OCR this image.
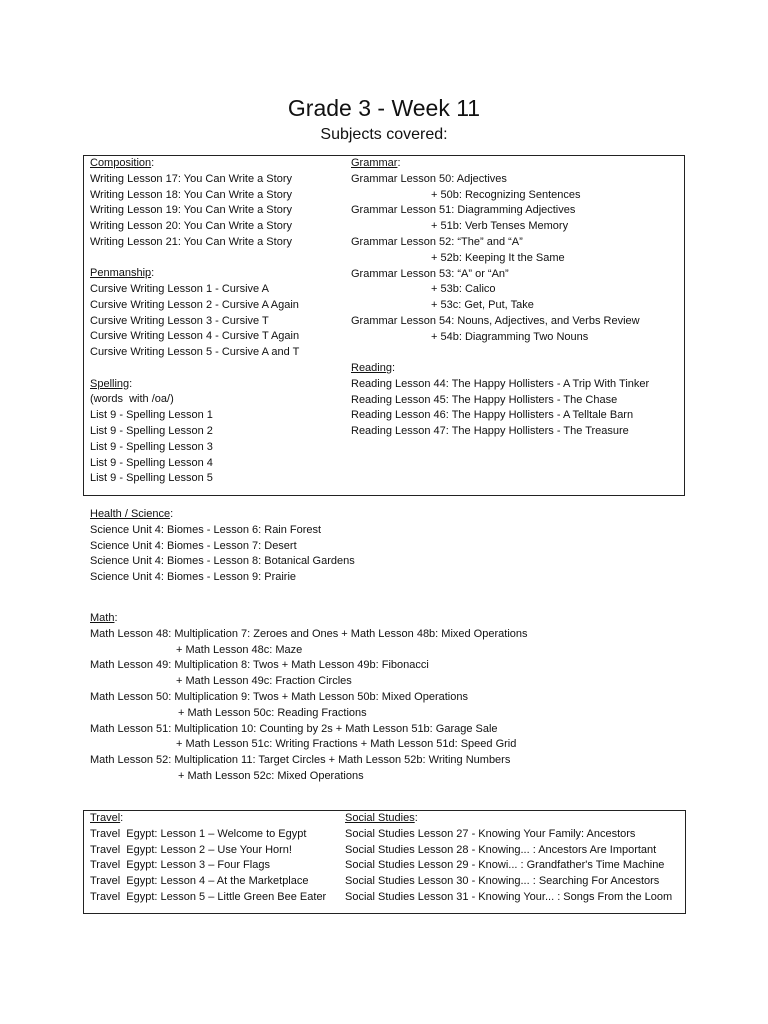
Grade 3 - Week 11
Subjects covered:
Composition:
Writing Lesson 17: You Can Write a Story
Writing Lesson 18: You Can Write a Story
Writing Lesson 19: You Can Write a Story
Writing Lesson 20: You Can Write a Story
Writing Lesson 21: You Can Write a Story
Penmanship:
Cursive Writing Lesson 1 - Cursive A
Cursive Writing Lesson 2 - Cursive A Again
Cursive Writing Lesson 3 - Cursive T
Cursive Writing Lesson 4 - Cursive T Again
Cursive Writing Lesson 5 - Cursive A and T
Spelling:
(words  with /oa/)
List 9 - Spelling Lesson 1
List 9 - Spelling Lesson 2
List 9 - Spelling Lesson 3
List 9 - Spelling Lesson 4
List 9 - Spelling Lesson 5
Grammar:
Grammar Lesson 50: Adjectives
+ 50b: Recognizing Sentences
Grammar Lesson 51: Diagramming Adjectives
+ 51b: Verb Tenses Memory
Grammar Lesson 52: “The” and “A”
+ 52b: Keeping It the Same
Grammar Lesson 53: “A” or “An”
+ 53b: Calico
+ 53c: Get, Put, Take
Grammar Lesson 54: Nouns, Adjectives, and Verbs Review
+ 54b: Diagramming Two Nouns
Reading:
Reading Lesson 44: The Happy Hollisters - A Trip With Tinker
Reading Lesson 45: The Happy Hollisters - The Chase
Reading Lesson 46: The Happy Hollisters - A Telltale Barn
Reading Lesson 47: The Happy Hollisters - The Treasure
Health / Science:
Science Unit 4: Biomes - Lesson 6: Rain Forest
Science Unit 4: Biomes - Lesson 7: Desert
Science Unit 4: Biomes - Lesson 8: Botanical Gardens
Science Unit 4: Biomes - Lesson 9: Prairie
Math:
Math Lesson 48: Multiplication 7: Zeroes and Ones + Math Lesson 48b: Mixed Operations
+ Math Lesson 48c: Maze
Math Lesson 49: Multiplication 8: Twos + Math Lesson 49b: Fibonacci
+ Math Lesson 49c: Fraction Circles
Math Lesson 50: Multiplication 9: Twos + Math Lesson 50b: Mixed Operations
+ Math Lesson 50c: Reading Fractions
Math Lesson 51: Multiplication 10: Counting by 2s + Math Lesson 51b: Garage Sale
+ Math Lesson 51c: Writing Fractions + Math Lesson 51d: Speed Grid
Math Lesson 52: Multiplication 11: Target Circles + Math Lesson 52b: Writing Numbers
+ Math Lesson 52c: Mixed Operations
Travel:
Travel  Egypt: Lesson 1 – Welcome to Egypt
Travel  Egypt: Lesson 2 – Use Your Horn!
Travel  Egypt: Lesson 3 – Four Flags
Travel  Egypt: Lesson 4 – At the Marketplace
Travel  Egypt: Lesson 5 – Little Green Bee Eater
Social Studies:
Social Studies Lesson 27 - Knowing Your Family: Ancestors
Social Studies Lesson 28 - Knowing... : Ancestors Are Important
Social Studies Lesson 29 - Knowi... : Grandfather's Time Machine
Social Studies Lesson 30 - Knowing... : Searching For Ancestors
Social Studies Lesson 31 - Knowing Your... : Songs From the Loom
